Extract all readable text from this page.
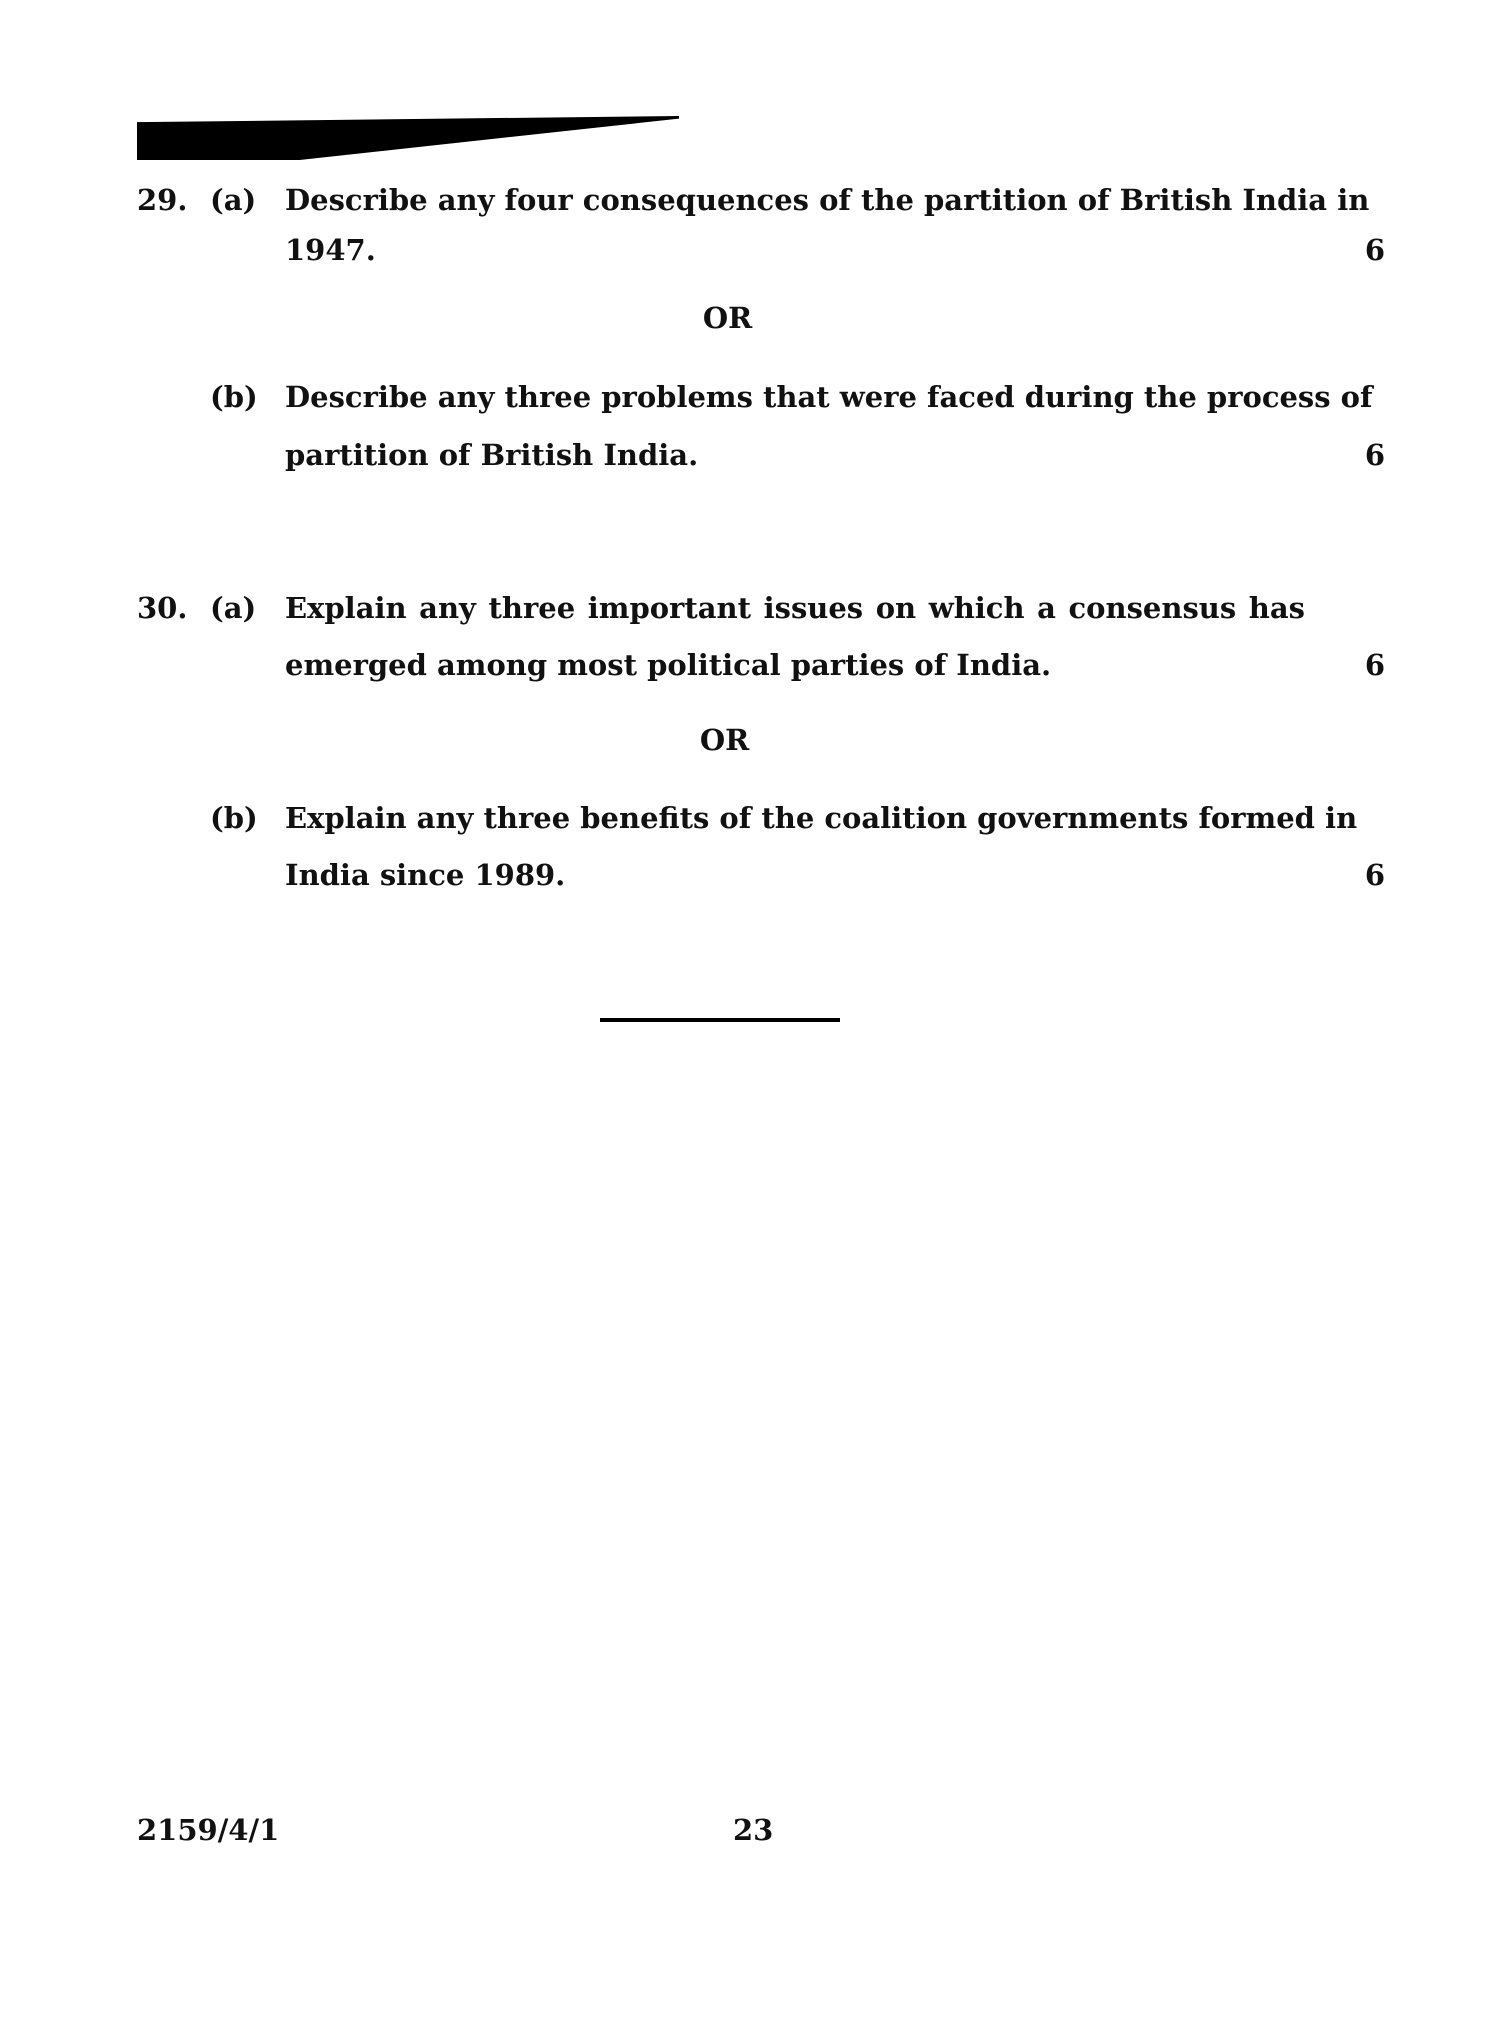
29. (a) Describe any four consequences of the partition of British India in
1947.	6
OR
(b) Describe any three problems that were faced during the process of
partition of British India.	6
30. (a) Explain any three important issues on which a consensus has
emerged among most political parties of India.	6
OR
(b) Explain any three benefits of the coalition governments formed in
India since 1989.	6
2159/4/1	23
